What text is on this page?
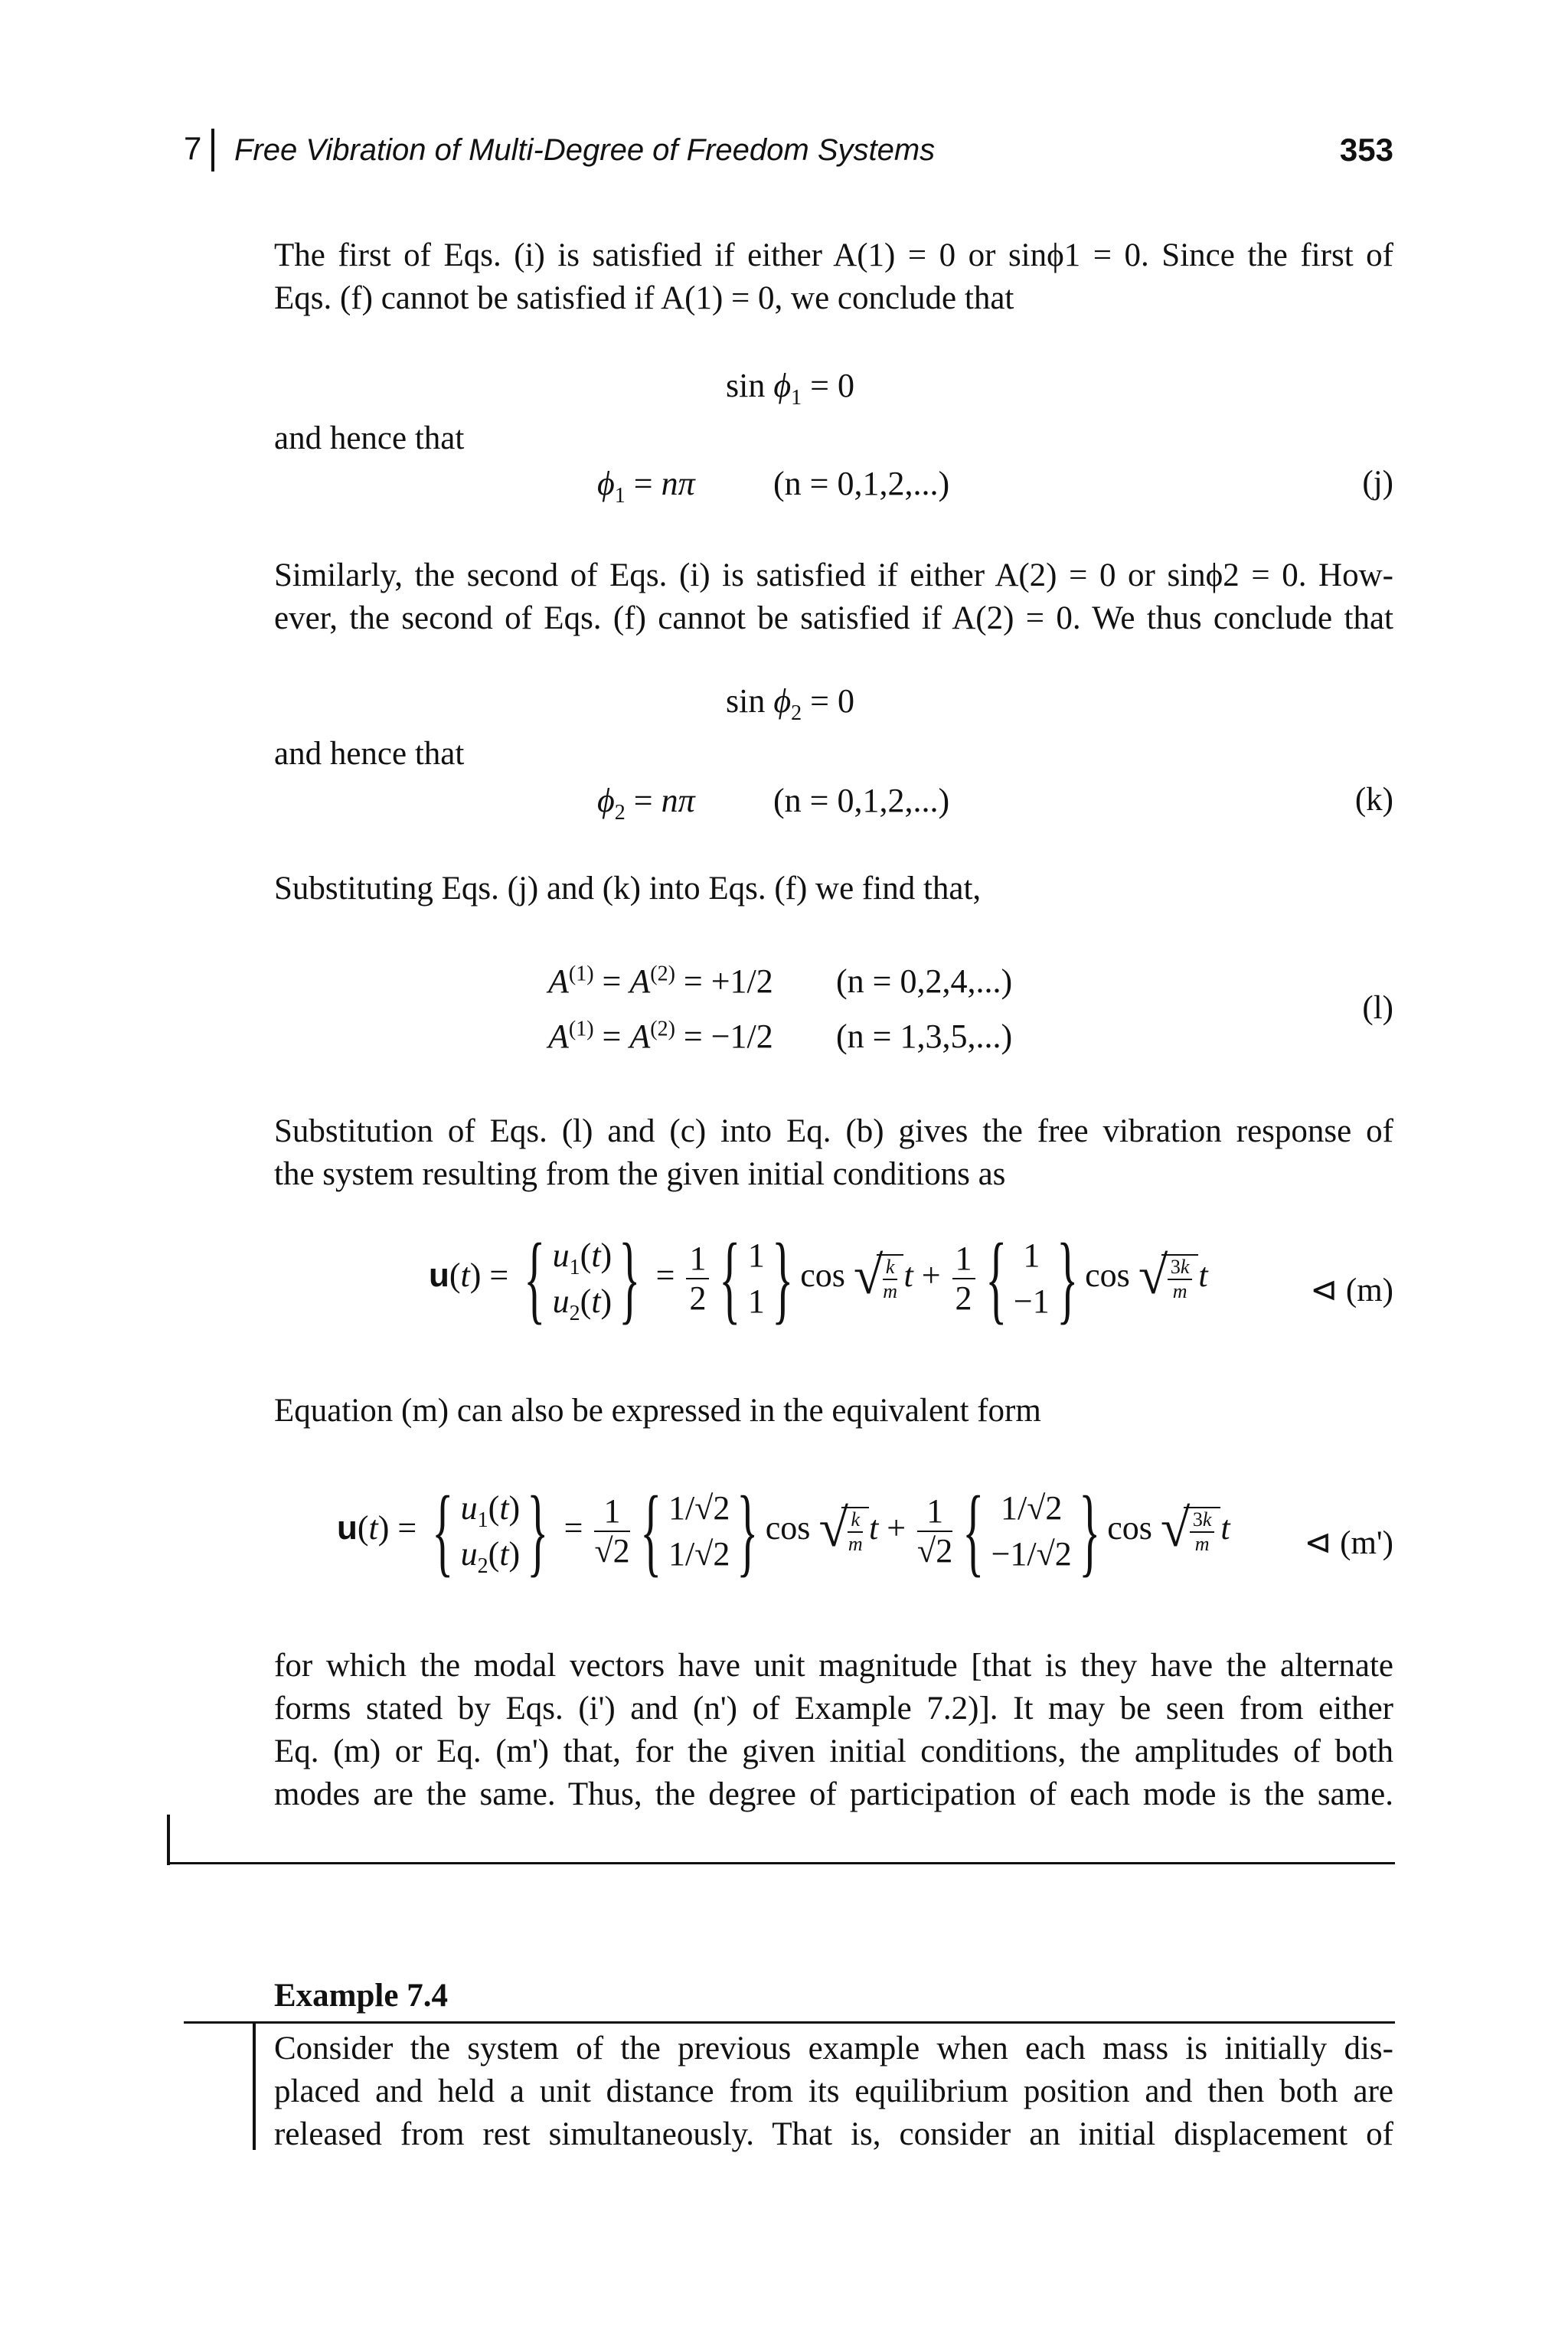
7 Free Vibration of Multi-Degree of Freedom Systems	353
The first of Eqs. (i) is satisfied if either A(1) = 0 or sinϕ1 = 0. Since the first of
Eqs. (f) cannot be satisfied if A(1) = 0, we conclude that
$\sin \phi_1 = 0$
and hence that
$\phi_1 = n\pi$ (n = 0,1,2,...)	(j)
Similarly, the second of Eqs. (i) is satisfied if either A(2) = 0 or sinϕ2 = 0. How-
ever, the second of Eqs. (f) cannot be satisfied if A(2) = 0. We thus conclude that
$\sin \phi_2 = 0$
and hence that
$\phi_2 = n\pi$ (n = 0,1,2,...)	(k)
Substituting Eqs. (j) and (k) into Eqs. (f) we find that,
$A^{(1)} = A^{(2)} = +1/2$ (n = 0,2,4,...)
$A^{(1)} = A^{(2)} = -1/2$ (n = 1,3,5,...)
(l)
Substitution of Eqs. (l) and (c) into Eq. (b) gives the free vibration response of
the system resulting from the given initial conditions as
u(t) = { $u_1(t)$
$u_2(t)$ } = $\frac{1}{2}$ { 1
1 } cos √ $\frac{k}{m}$ $t + \frac{1}{2}$ { 1
−1 } cos √ $\frac{3k}{m}$ t	⊲ (m)
Equation (m) can also be expressed in the equivalent form
u(t) = { $u_1(t)$
$u_2(t)$ } = $\frac{1}{√2}$ { 1/√2
1/√2 } cos √ $\frac{k}{m}$ $t + \frac{1}{√2}$ { 1/√2
−1/√2 } cos √ $\frac{3k}{m}$ t ⊲ (m')
for which the modal vectors have unit magnitude [that is they have the alternate
forms stated by Eqs. (i') and (n') of Example 7.2)]. It may be seen from either
Eq. (m) or Eq. (m') that, for the given initial conditions, the amplitudes of both
modes are the same. Thus, the degree of participation of each mode is the same.
Example 7.4
Consider the system of the previous example when each mass is initially dis-
placed and held a unit distance from its equilibrium position and then both are
released from rest simultaneously. That is, consider an initial displacement of
